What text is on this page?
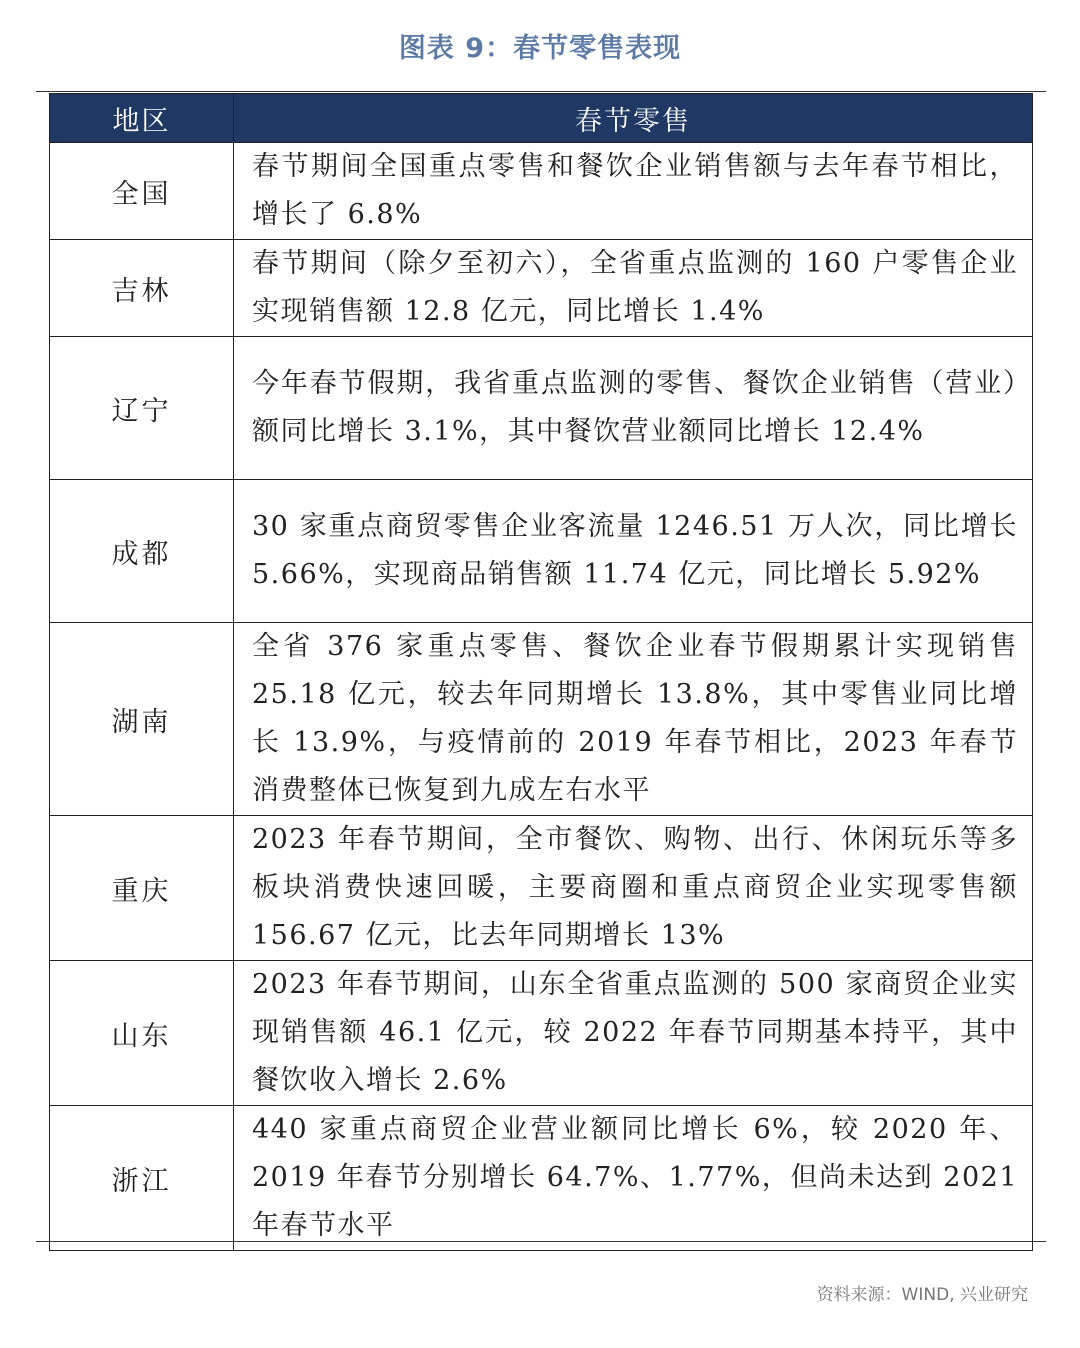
图表 9：春节零售表现
地区	春节零售
全国	春节期间全国重点零售和餐饮企业销售额与去年春节相比，增长了 6.8%
吉林	春节期间（除夕至初六），全省重点监测的 160 户零售企业实现销售额 12.8 亿元，同比增长 1.4%
辽宁	今年春节假期，我省重点监测的零售、餐饮企业销售（营业）额同比增长 3.1%，其中餐饮营业额同比增长 12.4%
成都	30 家重点商贸零售企业客流量 1246.51 万人次，同比增长 5.66%，实现商品销售额 11.74 亿元，同比增长 5.92%
湖南	全省 376 家重点零售、餐饮企业春节假期累计实现销售 25.18 亿元，较去年同期增长 13.8%，其中零售业同比增长 13.9%，与疫情前的 2019 年春节相比，2023 年春节消费整体已恢复到九成左右水平
重庆	2023 年春节期间，全市餐饮、购物、出行、休闲玩乐等多板块消费快速回暖，主要商圈和重点商贸企业实现零售额 156.67 亿元，比去年同期增长 13%
山东	2023 年春节期间，山东全省重点监测的 500 家商贸企业实现销售额 46.1 亿元，较 2022 年春节同期基本持平，其中餐饮收入增长 2.6%
浙江	440 家重点商贸企业营业额同比增长 6%，较 2020 年、2019 年春节分别增长 64.7%、1.77%，但尚未达到 2021 年春节水平
资料来源：WIND, 兴业研究
